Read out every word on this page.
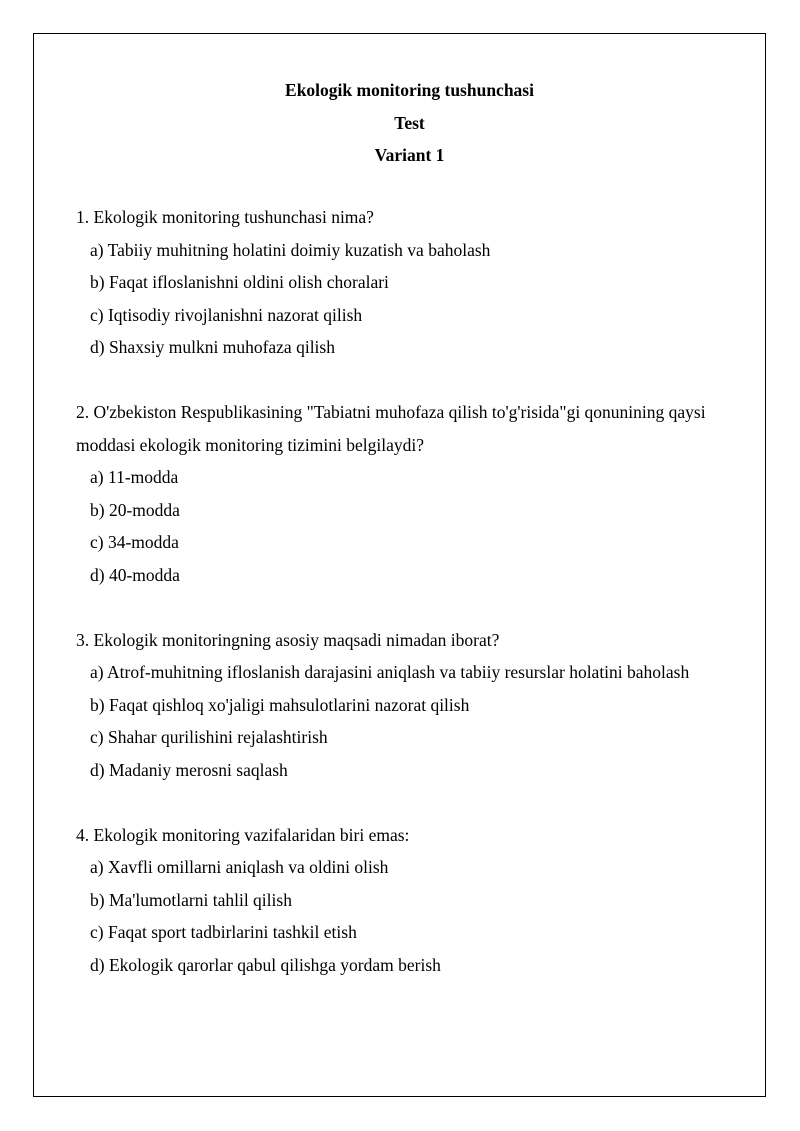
Ekologik monitoring tushunchasi
Test
Variant 1

1. Ekologik monitoring tushunchasi nima?

a) Tabiiy muhitning holatini doimiy kuzatish va baholash
b) Faqat ifloslanishni oldini olish choralari
c) Iqtisodiy rivojlanishni nazorat qilish
d) Shaxsiy mulkni muhofaza qilish

2. O'zbekiston Respublikasining "Tabiatni muhofaza qilish to'g'risida"gi qonunining qaysi moddasi ekologik monitoring tizimini belgilaydi?

a) 11-modda
b) 20-modda
c) 34-modda
d) 40-modda

3. Ekologik monitoringning asosiy maqsadi nimadan iborat?

a) Atrof-muhitning ifloslanish darajasini aniqlash va tabiiy resurslar holatini baholash
b) Faqat qishloq xo'jaligi mahsulotlarini nazorat qilish
c) Shahar qurilishini rejalashtirish
d) Madaniy merosni saqlash

4. Ekologik monitoring vazifalaridan biri emas:

a) Xavfli omillarni aniqlash va oldini olish
b) Ma'lumotlarni tahlil qilish
c) Faqat sport tadbirlarini tashkil etish
d) Ekologik qarorlar qabul qilishga yordam berish
